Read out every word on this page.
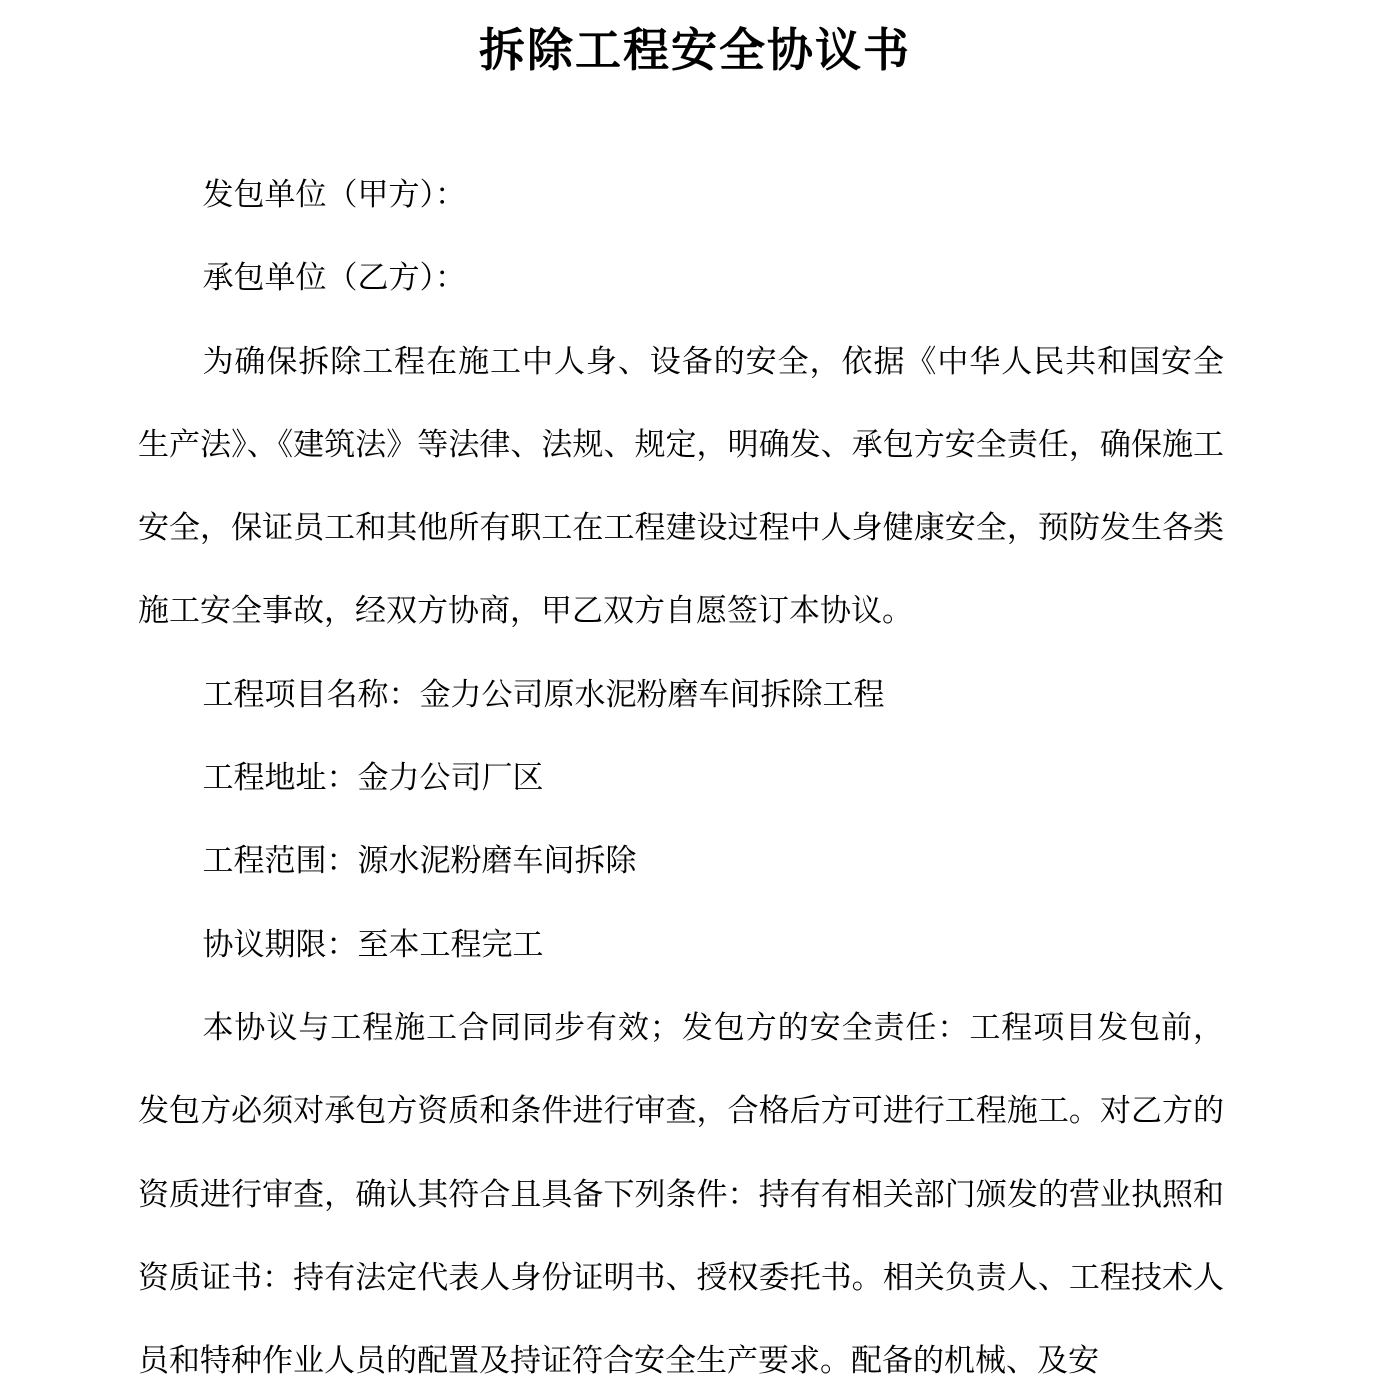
拆除工程安全协议书

发包单位（甲方）：

承包单位（乙方）：

为确保拆除工程在施工中人身、设备的安全，依据《中华人民共和国安全生产法》、《建筑法》等法律、法规、规定，明确发、承包方安全责任，确保施工安全，保证员工和其他所有职工在工程建设过程中人身健康安全，预防发生各类施工安全事故，经双方协商，甲乙双方自愿签订本协议。

工程项目名称：金力公司原水泥粉磨车间拆除工程

工程地址：金力公司厂区

工程范围：源水泥粉磨车间拆除

协议期限：至本工程完工

本协议与工程施工合同同步有效；发包方的安全责任：工程项目发包前，发包方必须对承包方资质和条件进行审查，合格后方可进行工程施工。对乙方的资质进行审查，确认其符合且具备下列条件：持有有相关部门颁发的营业执照和资质证书：持有法定代表人身份证明书、授权委托书。相关负责人、工程技术人员和特种作业人员的配置及持证符合安全生产要求。配备的机械、及安
